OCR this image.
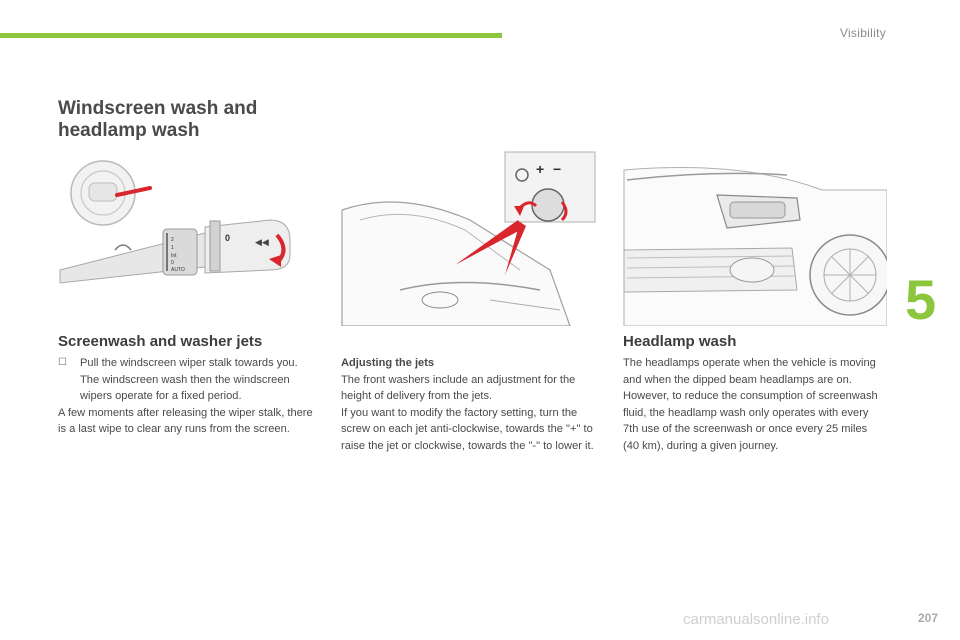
Visibility
5
Windscreen wash and headlamp wash
0
2
1
Int
0
AUTO
◀◀
+ −
Screenwash and washer jets
☐	Pull the windscreen wiper stalk towards you. The windscreen wash then the windscreen wipers operate for a fixed period.
A few moments after releasing the wiper stalk, there is a last wipe to clear any runs from the screen.
Adjusting the jets
The front washers include an adjustment for the height of delivery from the jets.
If you want to modify the factory setting, turn the screw on each jet anti-clockwise, towards the "+" to raise the jet or clockwise, towards the "-" to lower it.
Headlamp wash
The headlamps operate when the vehicle is moving and when the dipped beam headlamps are on. However, to reduce the consumption of screenwash fluid, the headlamp wash only operates with every 7th use of the screenwash or once every 25 miles (40 km), during a given journey.
carmanualsonline.info	207
